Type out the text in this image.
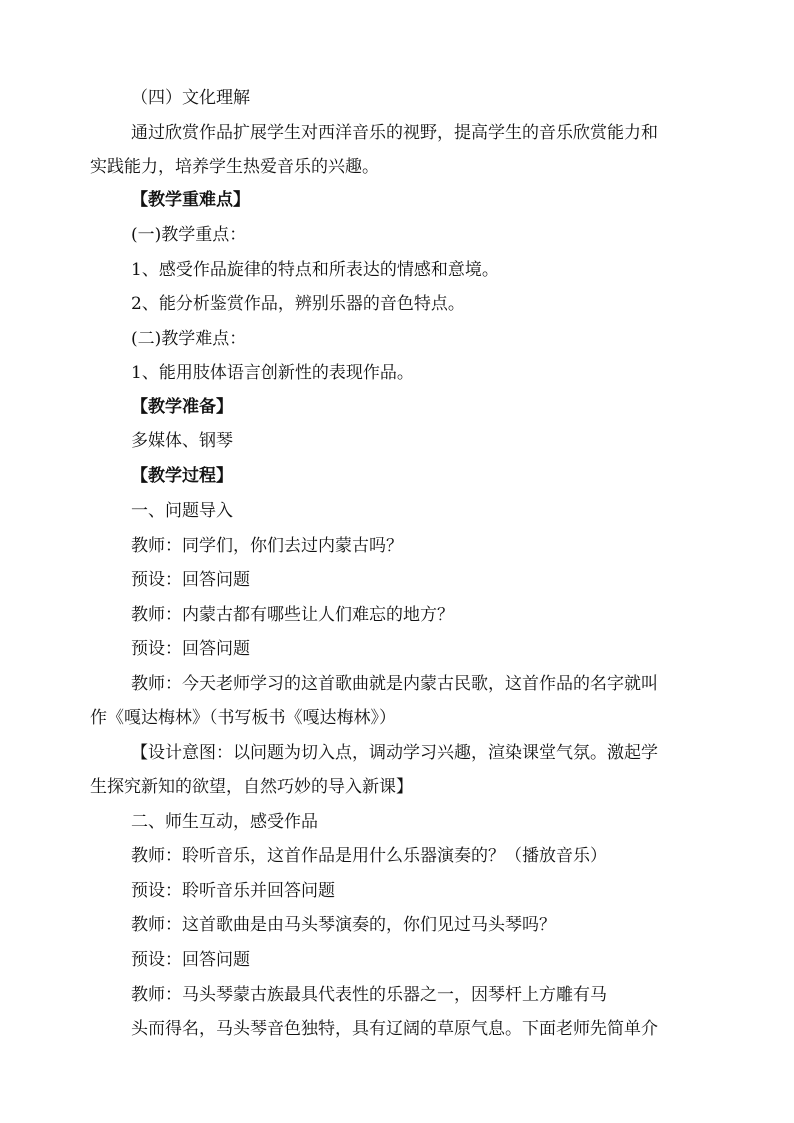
（四）文化理解
通过欣赏作品扩展学生对西洋音乐的视野，提高学生的音乐欣赏能力和
实践能力，培养学生热爱音乐的兴趣。
【教学重难点】
(一)教学重点：
1、感受作品旋律的特点和所表达的情感和意境。
2、能分析鉴赏作品，辨别乐器的音色特点。
(二)教学难点：
1、能用肢体语言创新性的表现作品。
【教学准备】
多媒体、钢琴
【教学过程】
一、问题导入
教师：同学们，你们去过内蒙古吗？
预设：回答问题
教师：内蒙古都有哪些让人们难忘的地方？
预设：回答问题
教师：今天老师学习的这首歌曲就是内蒙古民歌，这首作品的名字就叫
作《嘎达梅林》（书写板书《嘎达梅林》）
【设计意图：以问题为切入点，调动学习兴趣，渲染课堂气氛。激起学
生探究新知的欲望，自然巧妙的导入新课】
二、师生互动，感受作品
教师：聆听音乐，这首作品是用什么乐器演奏的？（播放音乐）
预设：聆听音乐并回答问题
教师：这首歌曲是由马头琴演奏的，你们见过马头琴吗？
预设：回答问题
教师：马头琴蒙古族最具代表性的乐器之一，因琴杆上方雕有马
头而得名，马头琴音色独特，具有辽阔的草原气息。下面老师先简单介
